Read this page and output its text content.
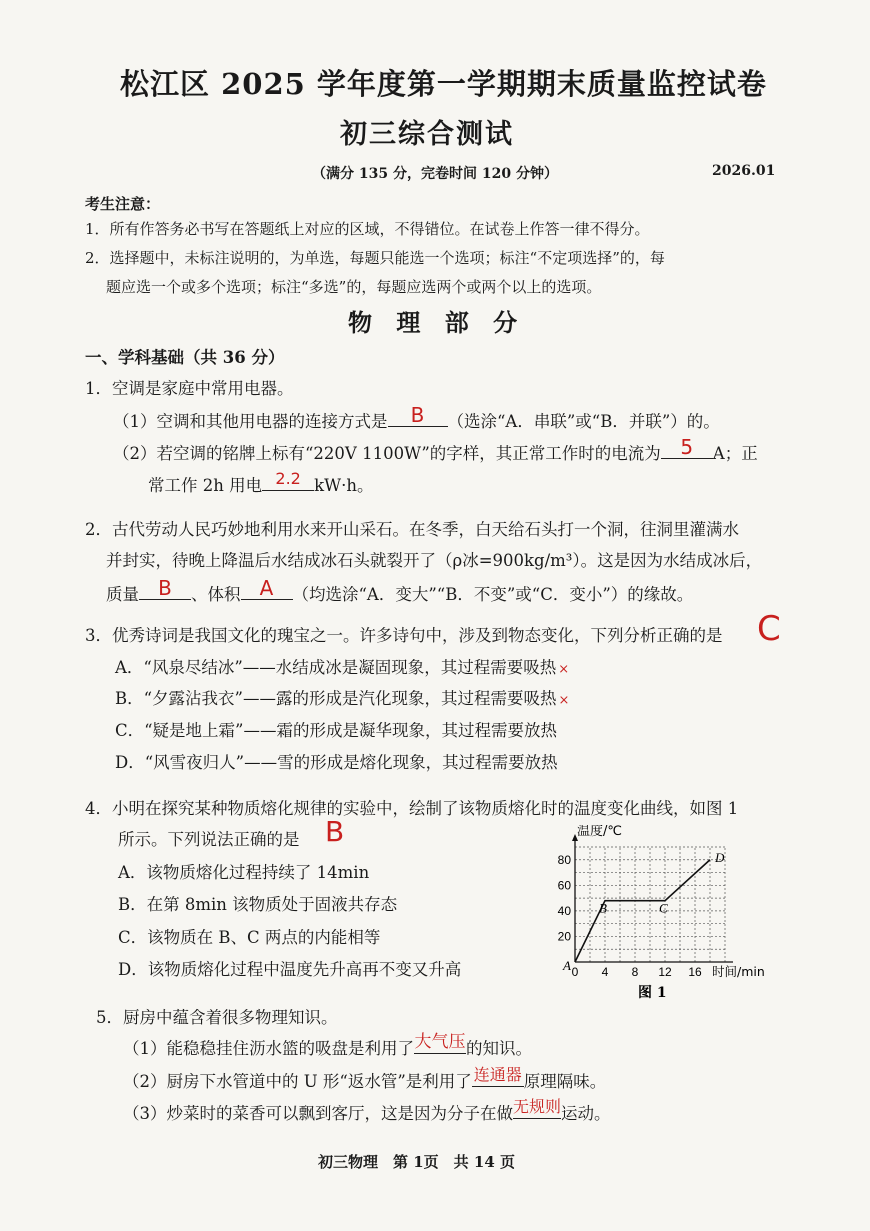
松江区 2025 学年度第一学期期末质量监控试卷
初三综合测试
（满分 135 分，完卷时间 120 分钟）	2026.01
考生注意：
1．所有作答务必书写在答题纸上对应的区域，不得错位。在试卷上作答一律不得分。
2．选择题中，未标注说明的，为单选，每题只能选一个选项；标注“不定项选择”的，每
题应选一个或多个选项；标注“多选”的，每题应选两个或两个以上的选项。
物 理 部 分
一、学科基础（共 36 分）
1．空调是家庭中常用电器。
（1）空调和其他用电器的连接方式是	B	（选涂“A．串联”或“B．并联”）的。
（2）若空调的铭牌上标有“220V 1100W”的字样，其正常工作时的电流为 5	A；正
常工作 2h 用电 2.2 kW·h。
2．古代劳动人民巧妙地利用水来开山采石。在冬季，白天给石头打一个洞，往洞里灌满水
并封实，待晚上降温后水结成冰石头就裂开了（ρ冰=900kg/m³）。这是因为水结成冰后，
质量 B	、体积 A	（均选涂“A．变大”“B．不变”或“C．变小”）的缘故。
3．优秀诗词是我国文化的瑰宝之一。许多诗句中，涉及到物态变化，下列分析正确的是 C
A．“风泉尽结冰”——水结成冰是凝固现象，其过程需要吸热 ×
B．“夕露沾我衣”——露的形成是汽化现象，其过程需要吸热 ×
C．“疑是地上霜”——霜的形成是凝华现象，其过程需要放热
D．“风雪夜归人”——雪的形成是熔化现象，其过程需要放热
4．小明在探究某种物质熔化规律的实验中，绘制了该物质熔化时的温度变化曲线，如图 1
所示。下列说法正确的是 B
A．该物质熔化过程持续了 14min
B．在第 8min 该物质处于固液共存态
C．该物质在 B、C 两点的内能相等
D．该物质熔化过程中温度先升高再不变又升高	0 4 8 12 16
20
40
60
80
温度/℃
时间/min
A
B	C
D
图 1
5．厨房中蕴含着很多物理知识。
（1）能稳稳挂住沥水篮的吸盘是利用了 大气压 的知识。
（2）厨房下水管道中的 U 形“返水管”是利用了 连通器 原理隔味。
（3）炒菜时的菜香可以飘到客厅，这是因为分子在做 无规则 运动。
初三物理　第 1页　共 14 页
